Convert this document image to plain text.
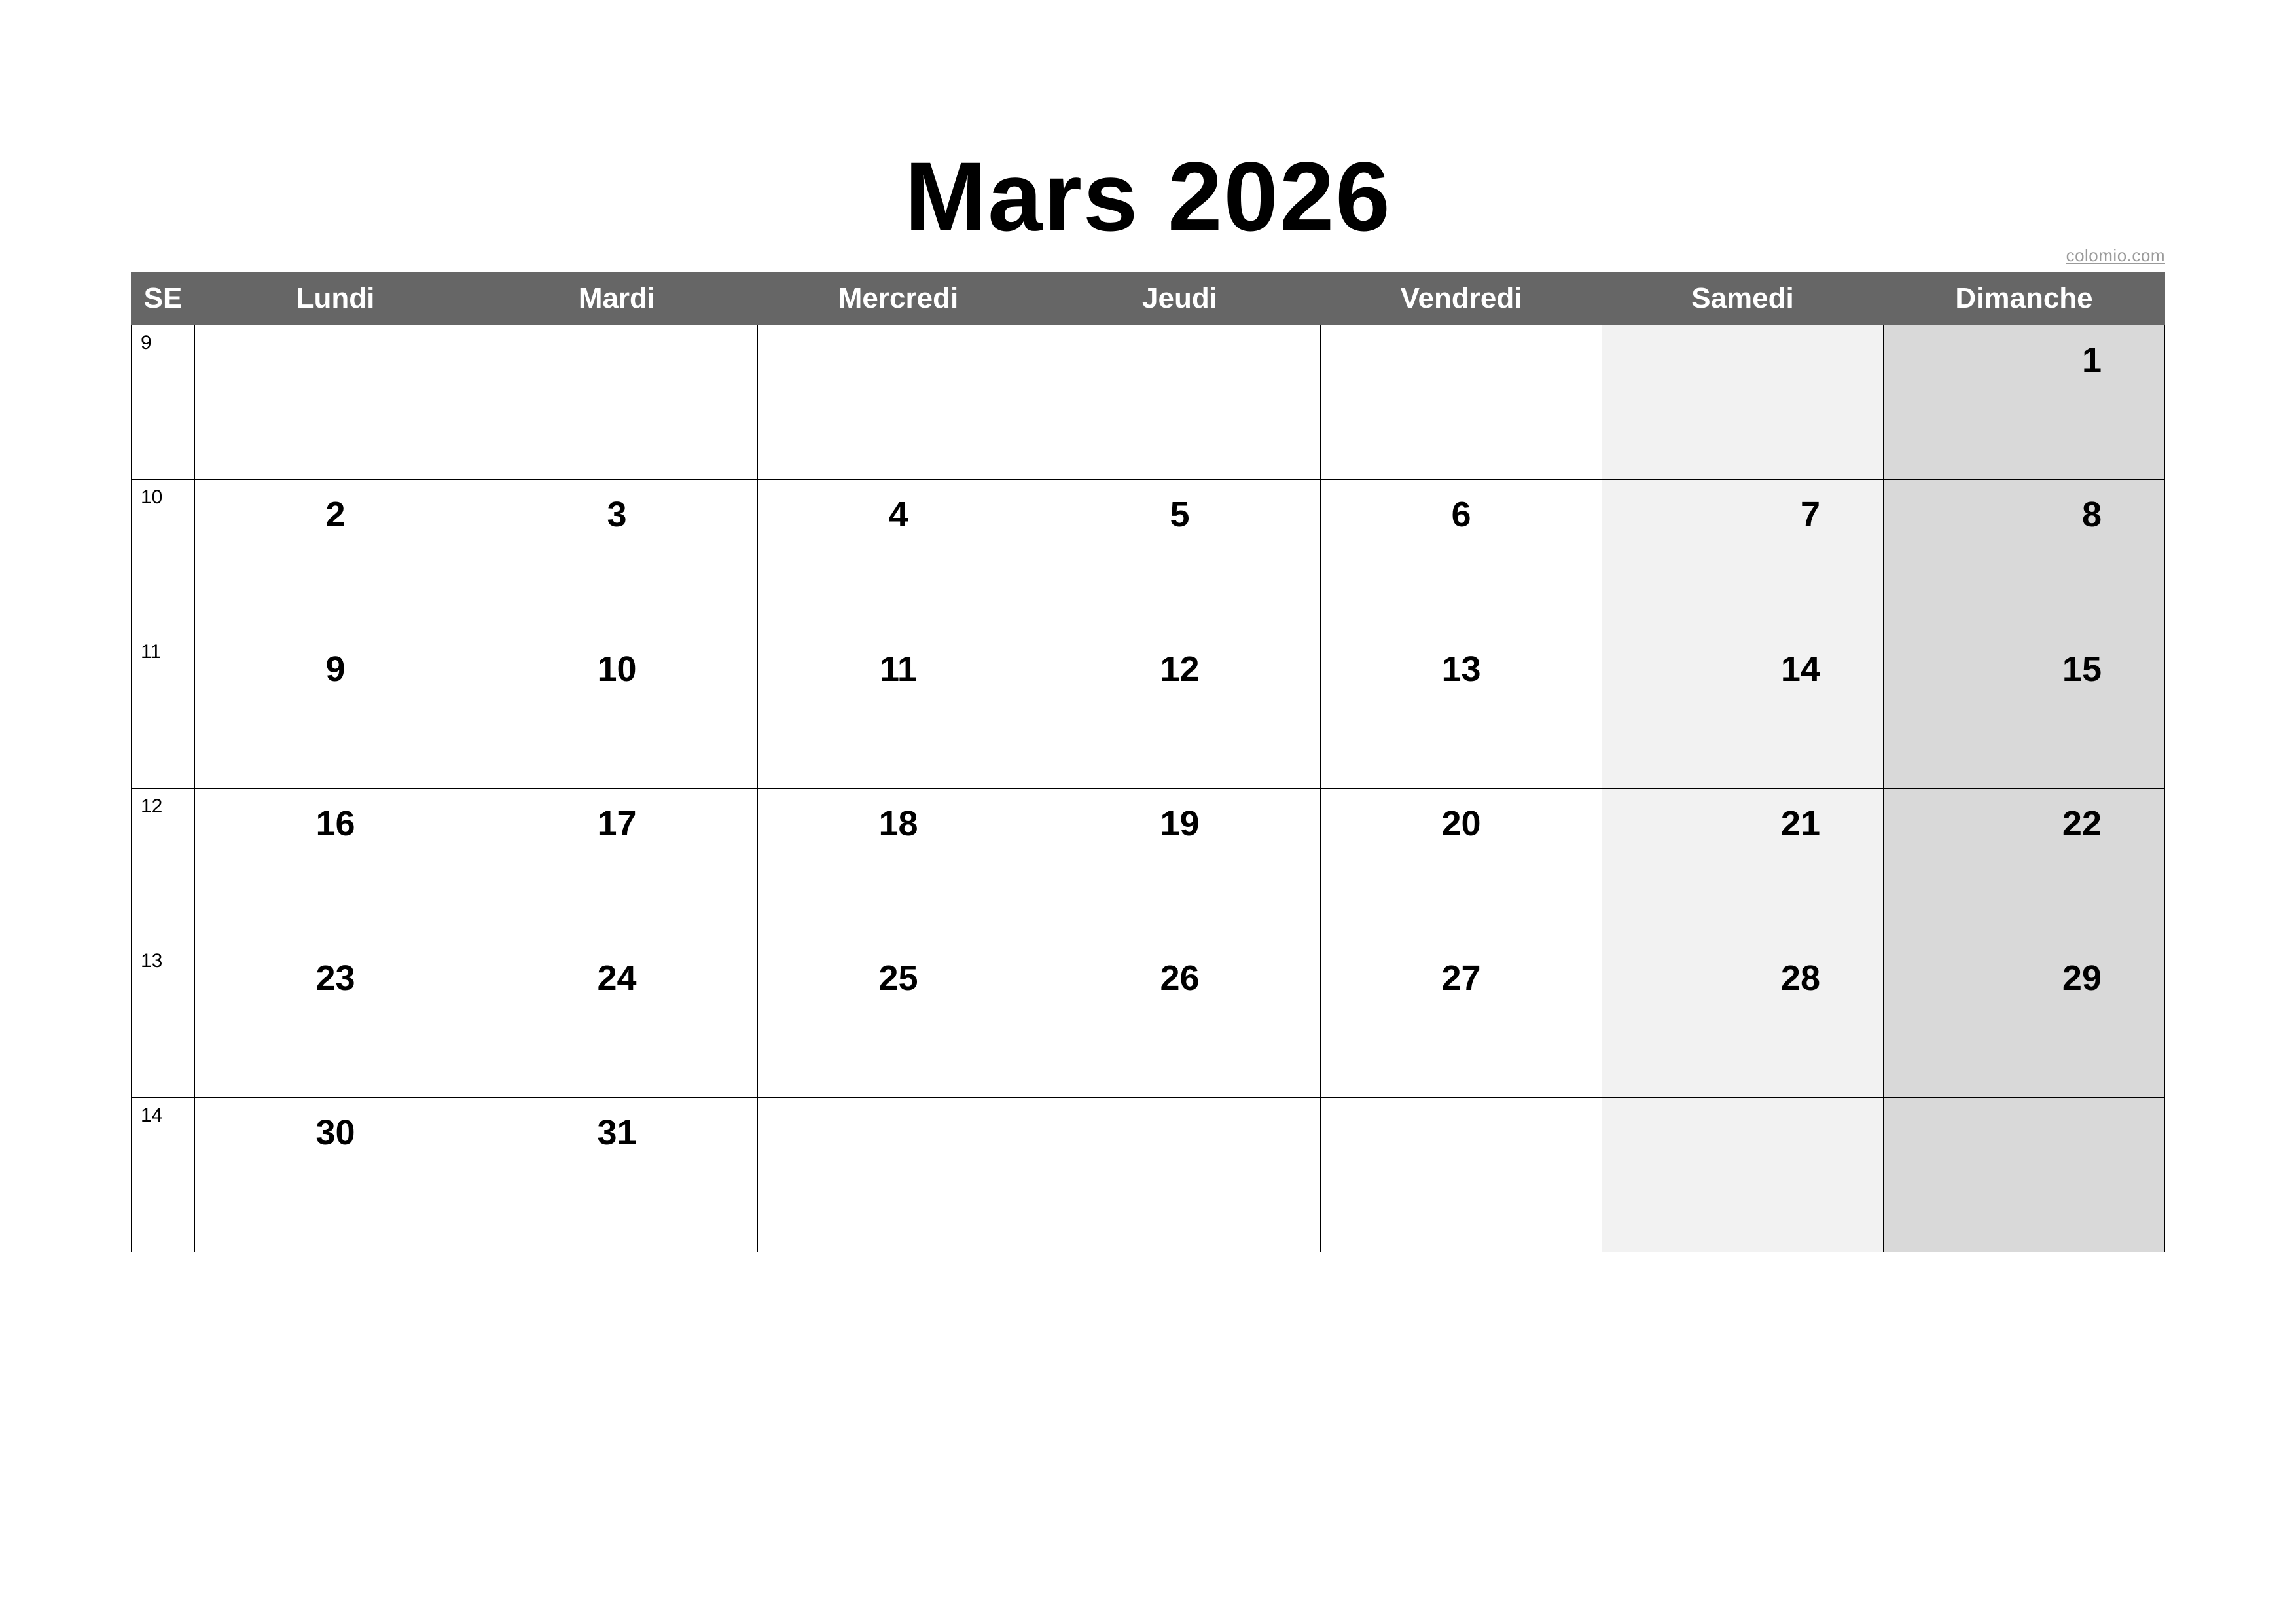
Mars 2026
colomio.com
SE	Lundi	Mardi	Mercredi	Jeudi	Vendredi	Samedi	Dimanche
9							1
10	2	3	4	5	6	7	8
11	9	10	11	12	13	14	15
12	16	17	18	19	20	21	22
13	23	24	25	26	27	28	29
14	30	31					
